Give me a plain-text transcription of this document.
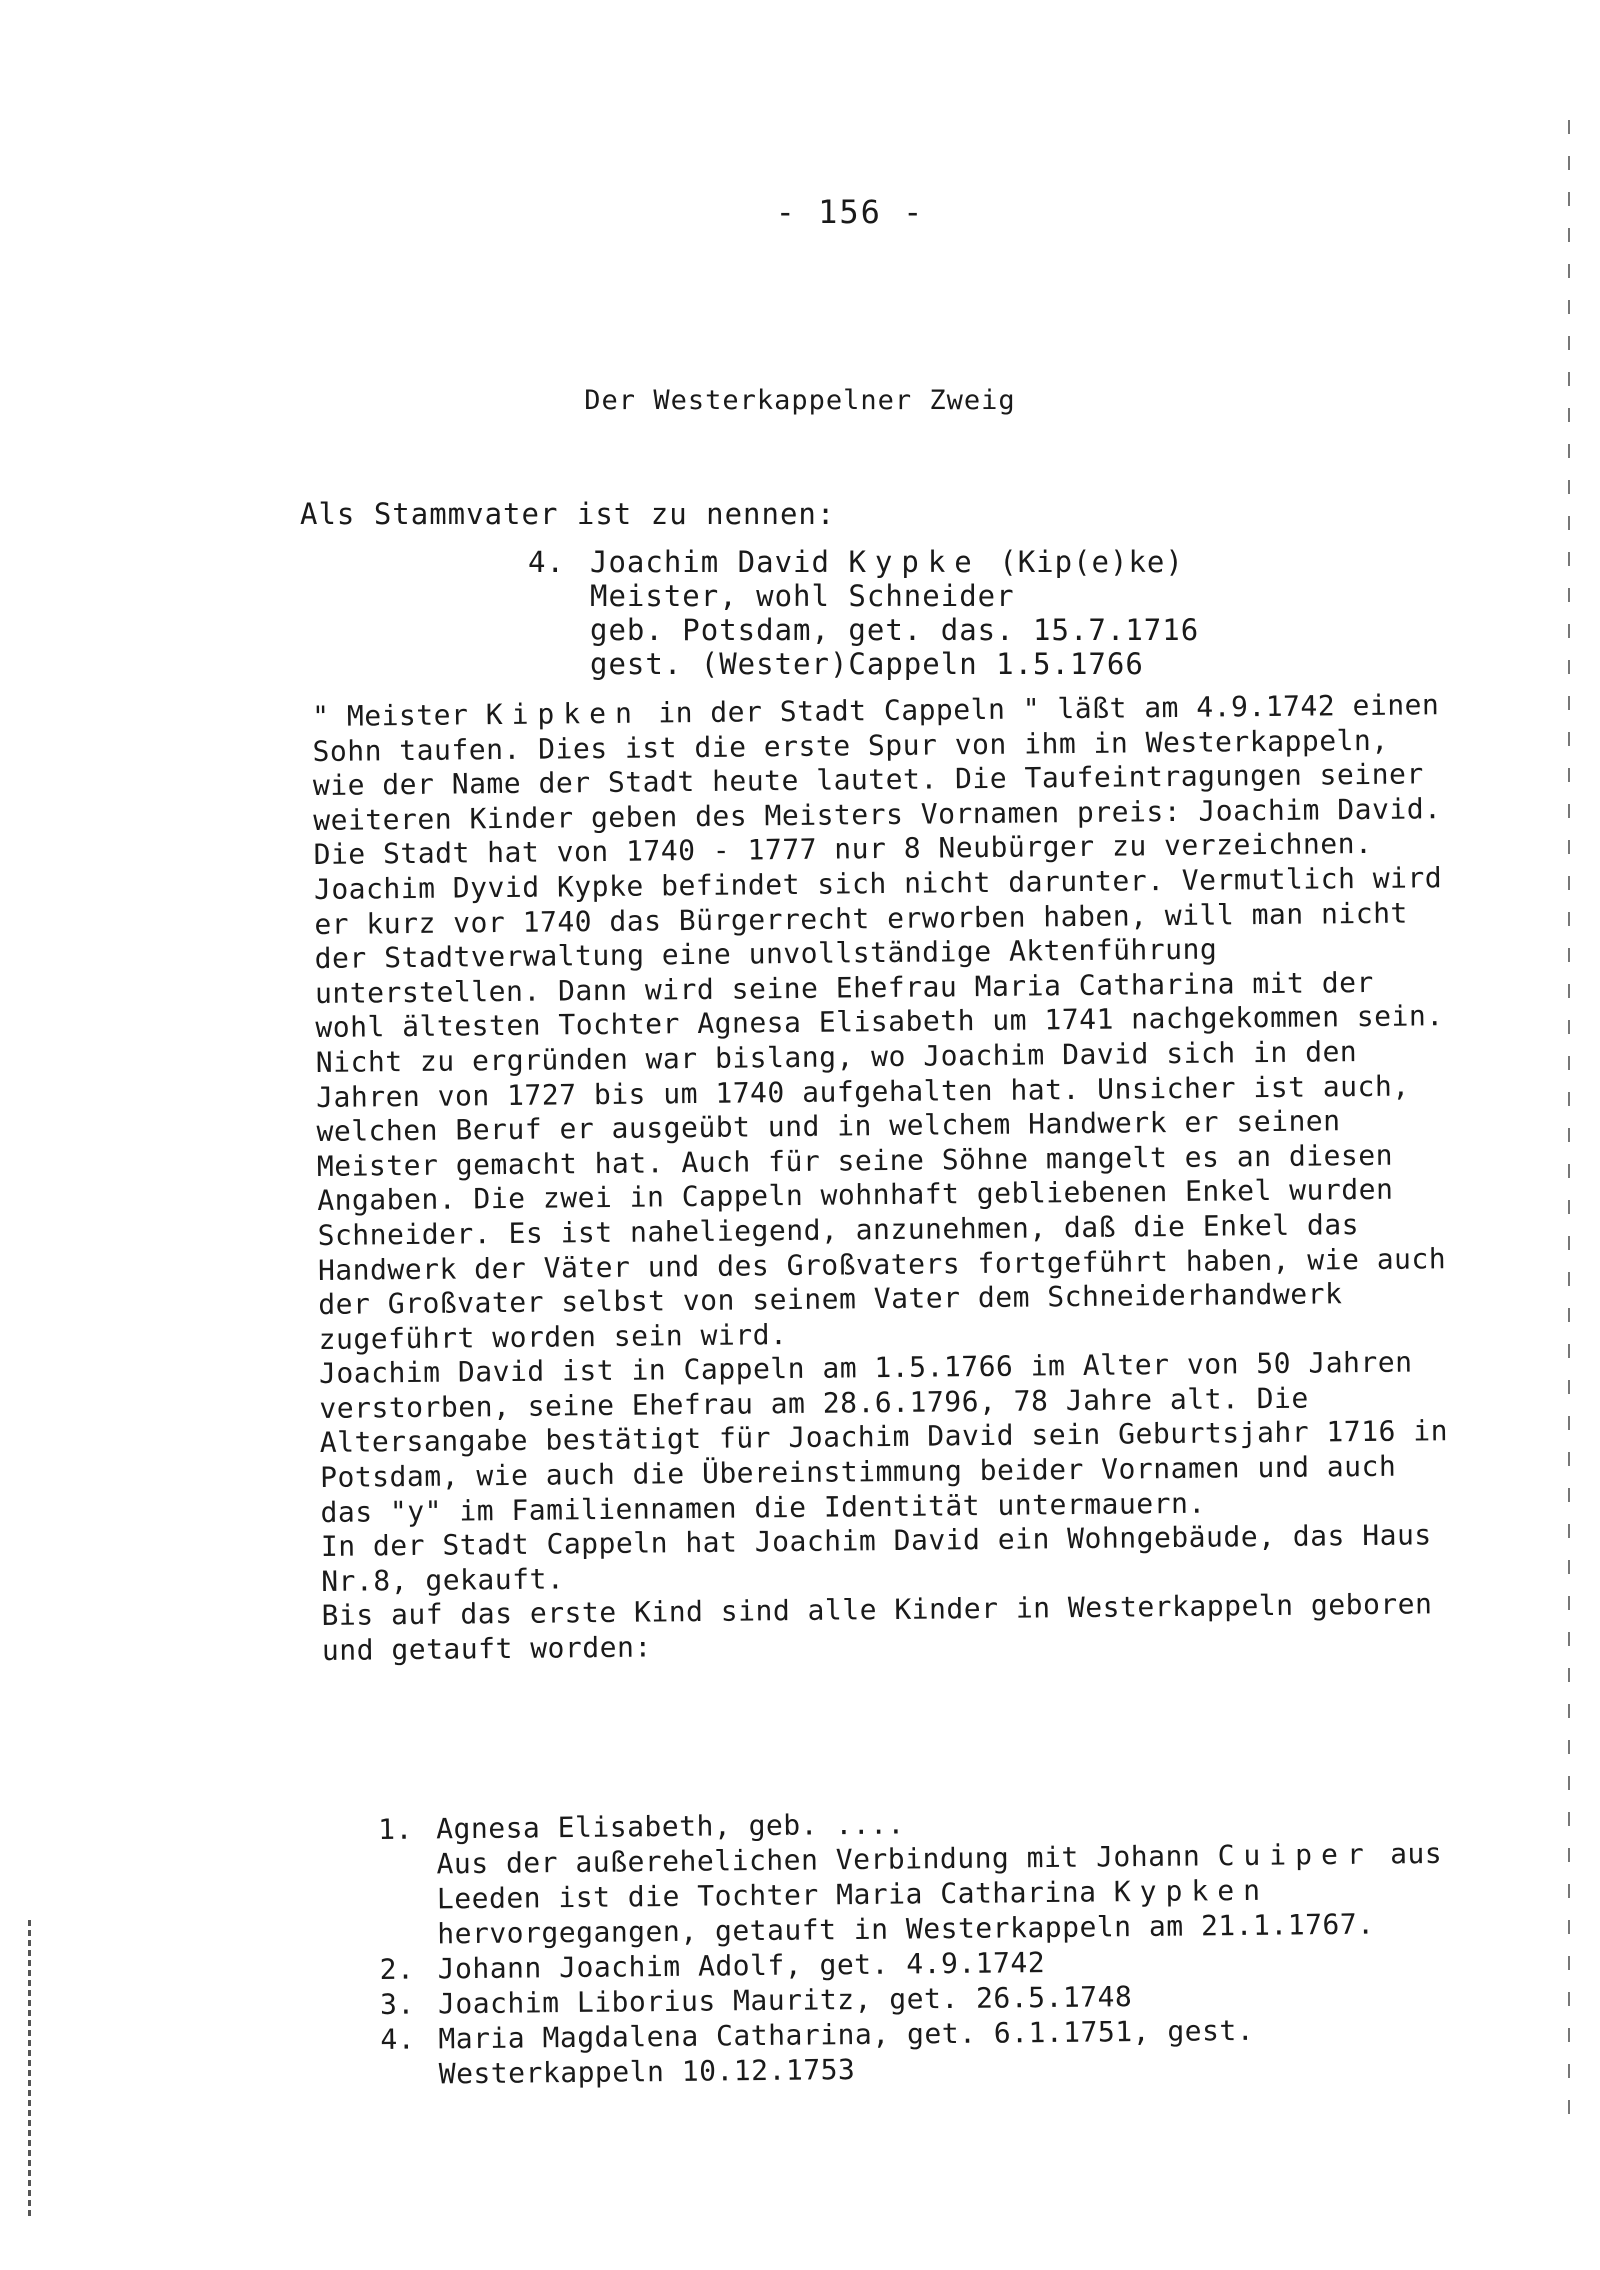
- 156 -
Der Westerkappelner Zweig
Als Stammvater ist zu nennen:
4. Joachim David Kypke (Kip(e)ke)
Meister, wohl Schneider
geb. Potsdam, get. das. 15.7.1716
gest. (Wester)Cappeln 1.5.1766

" Meister Kipken in der Stadt Cappeln " läßt am 4.9.1742 einen Sohn taufen. Dies ist die erste Spur von ihm in Westerkappeln, wie der Name der Stadt heute lautet. Die Taufeintragungen seiner weiteren Kinder geben des Meisters Vornamen preis: Joachim David. Die Stadt hat von 1740 - 1777 nur 8 Neubürger zu verzeichnen. Joachim Dyvid Kypke befindet sich nicht darunter. Vermutlich wird er kurz vor 1740 das Bürgerrecht erworben haben, will man nicht der Stadtverwaltung eine unvollständige Aktenführung unterstellen. Dann wird seine Ehefrau Maria Catharina mit der wohl ältesten Tochter Agnesa Elisabeth um 1741 nachgekommen sein.

Nicht zu ergründen war bislang, wo Joachim David sich in den Jahren von 1727 bis um 1740 aufgehalten hat. Unsicher ist auch, welchen Beruf er ausgeübt und in welchem Handwerk er seinen Meister gemacht hat. Auch für seine Söhne mangelt es an diesen Angaben. Die zwei in Cappeln wohnhaft gebliebenen Enkel wurden Schneider. Es ist naheliegend, anzunehmen, daß die Enkel das Handwerk der Väter und des Großvaters fortgeführt haben, wie auch der Großvater selbst von seinem Vater dem Schneiderhandwerk zugeführt worden sein wird.

Joachim David ist in Cappeln am 1.5.1766 im Alter von 50 Jahren verstorben, seine Ehefrau am 28.6.1796, 78 Jahre alt. Die Altersangabe bestätigt für Joachim David sein Geburtsjahr 1716 in Potsdam, wie auch die Übereinstimmung beider Vornamen und auch das "y" im Familiennamen die Identität untermauern.

In der Stadt Cappeln hat Joachim David ein Wohngebäude, das Haus Nr.8, gekauft.

Bis auf das erste Kind sind alle Kinder in Westerkappeln geboren und getauft worden:

1. Agnesa Elisabeth, geb. ....
Aus der außerehelichen Verbindung mit Johann Cuiper aus Leeden ist die Tochter Maria Catharina Kypken hervorgegangen, getauft in Westerkappeln am 21.1.1767.
2. Johann Joachim Adolf, get. 4.9.1742
3. Joachim Liborius Mauritz, get. 26.5.1748
4. Maria Magdalena Catharina, get. 6.1.1751, gest. Westerkappeln 10.12.1753
